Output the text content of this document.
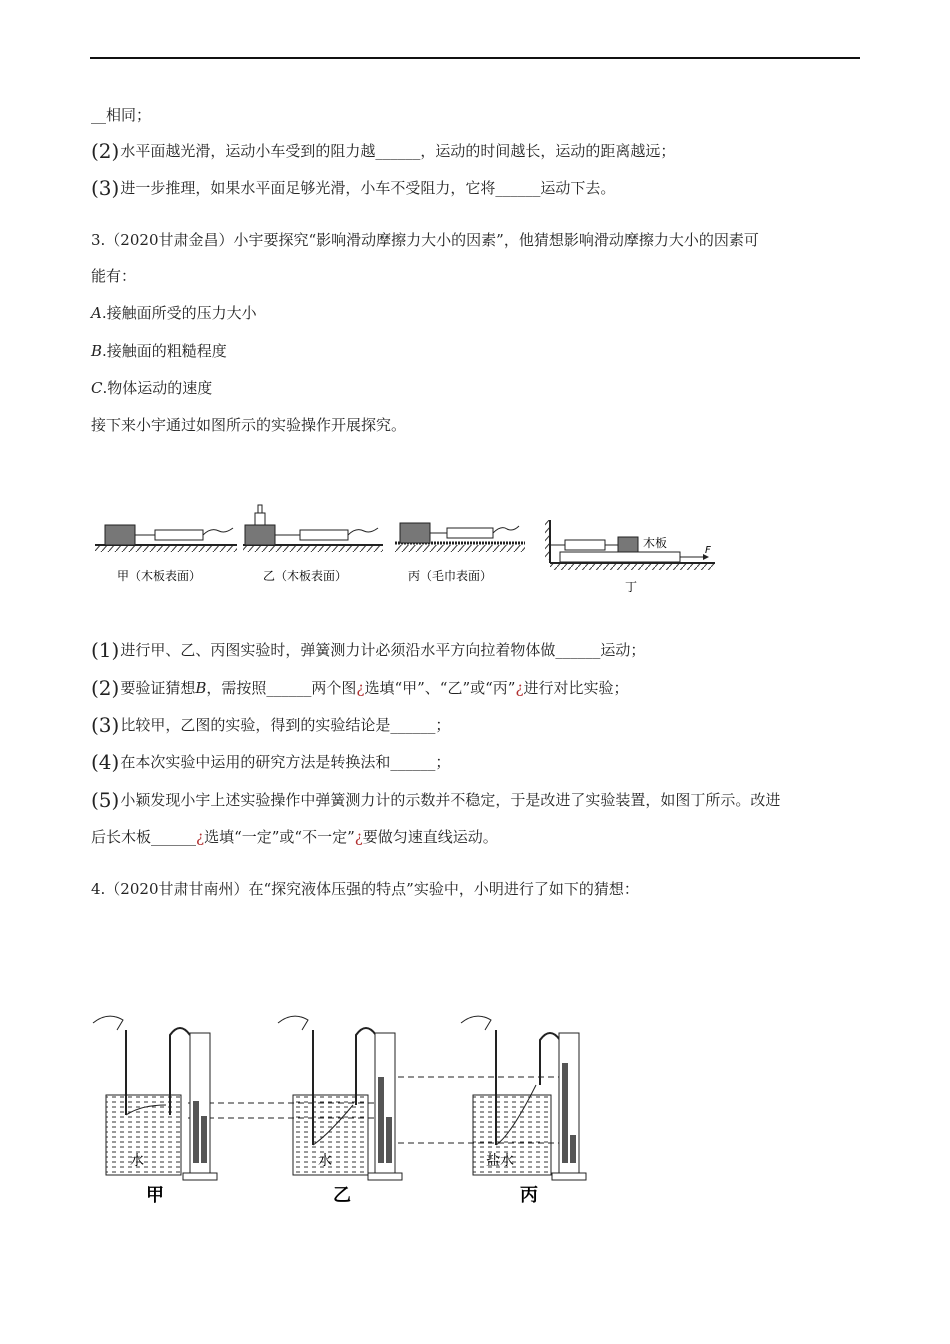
__相同；
(2)水平面越光滑，运动小车受到的阻力越______，运动的时间越长，运动的距离越远；
(3)进一步推理，如果水平面足够光滑，小车不受阻力，它将______运动下去。
3.（2020甘肃金昌）小宇要探究“影响滑动摩擦力大小的因素”，他猜想影响滑动摩擦力大小的因素可
能有：
A.接触面所受的压力大小
B.接触面的粗糙程度
C.物体运动的速度
接下来小宇通过如图所示的实验操作开展探究。
甲（木板表面）	乙（木板表面）	丙（毛巾表面）
木板
F
丁
(1)进行甲、乙、丙图实验时，弹簧测力计必须沿水平方向拉着物体做______运动；
(2)要验证猜想B，需按照______两个图¿选填“甲”、“乙”或“丙”¿进行对比实验；
(3)比较甲，乙图的实验，得到的实验结论是______；
(4)在本次实验中运用的研究方法是转换法和______；
(5)小颖发现小宇上述实验操作中弹簧测力计的示数并不稳定，于是改进了实验装置，如图丁所示。改进
后长木板______¿选填“一定”或“不一定”¿要做匀速直线运动。
4.（2020甘肃甘南州）在“探究液体压强的特点”实验中，小明进行了如下的猜想：
水
甲
水
乙
盐水
丙
